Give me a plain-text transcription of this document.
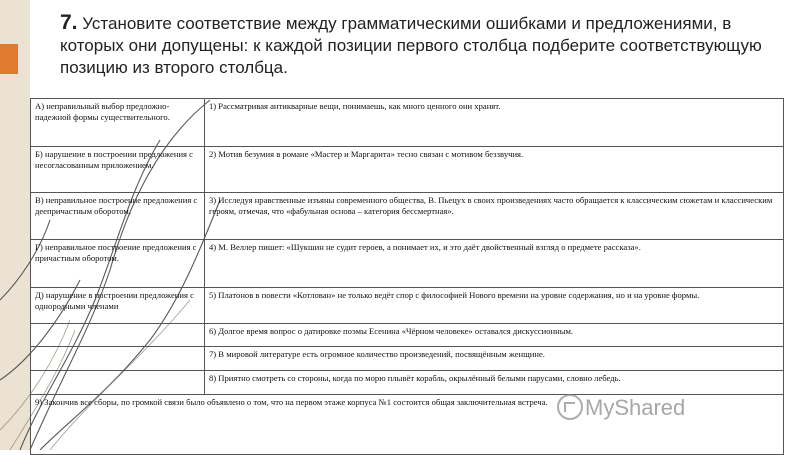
7. Установите соответствие между грамматическими ошибками и предложениями, в которых они допущены: к каждой позиции первого столбца подберите соответствующую позицию из второго столбца.
А) неправильный выбор предложно-падежной формы существительного.	1) Рассматривая антикварные вещи, понимаешь, как много ценного они хранят.
Б) нарушение в построении предложения с несогласованным приложением.	2) Мотив безумия в романе «Мастер и Маргарита» тесно связан с мотивом беззвучия.
В) неправильное построение предложения с деепричастным оборотом.	3) Исследуя нравственные изъяны современного общества, В. Пьецух в своих произведениях часто обращается к классическим сюжетам и классическим героям, отмечая, что «фабульная основа – категория бессмертная».
Г) неправильное построение предложения с причастным оборотом.	4) М. Веллер пишет: «Шукшин не судит героев, а понимает их, и это даёт двойственный взгляд о предмете рассказа».
Д) нарушение в построении предложения с однородными членами	5) Платонов в повести «Котлован» не только ведёт спор с философией Нового времени на уровне содержания, но и на уровне формы.
	6) Долгое время вопрос о датировке поэмы Есенина «Чёрном человеке» оставался дискуссионным.
	7) В мировой литературе есть огромное количество произведений, посвящённым женщине.
	8) Приятно смотреть со стороны, когда по морю плывёт корабль, окрылённый белыми парусами, словно лебедь.
9) Закончив все сборы, по громкой связи было объявлено о том, что на первом этаже корпуса №1 состоится общая заключительная встреча.	MyShared
